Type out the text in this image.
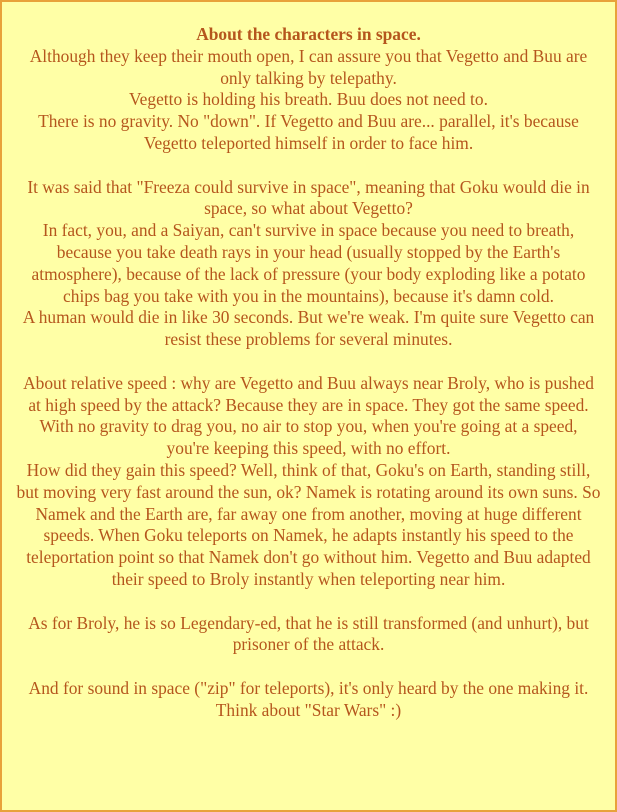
About the characters in space.

Although they keep their mouth open, I can assure you that Vegetto and Buu are only talking by telepathy.

Vegetto is holding his breath. Buu does not need to.

There is no gravity. No "down". If Vegetto and Buu are... parallel, it's because Vegetto teleported himself in order to face him.

It was said that "Freeza could survive in space", meaning that Goku would die in space, so what about Vegetto?

In fact, you, and a Saiyan, can't survive in space because you need to breath, because you take death rays in your head (usually stopped by the Earth's atmosphere), because of the lack of pressure (your body exploding like a potato chips bag you take with you in the mountains), because it's damn cold.

A human would die in like 30 seconds. But we're weak. I'm quite sure Vegetto can resist these problems for several minutes.

About relative speed : why are Vegetto and Buu always near Broly, who is pushed at high speed by the attack? Because they are in space. They got the same speed.

With no gravity to drag you, no air to stop you, when you're going at a speed, you're keeping this speed, with no effort.

How did they gain this speed? Well, think of that, Goku's on Earth, standing still, but moving very fast around the sun, ok? Namek is rotating around its own suns. So Namek and the Earth are, far away one from another, moving at huge different speeds. When Goku teleports on Namek, he adapts instantly his speed to the teleportation point so that Namek don't go without him. Vegetto and Buu adapted their speed to Broly instantly when teleporting near him.

As for Broly, he is so Legendary-ed, that he is still transformed (and unhurt), but prisoner of the attack.

And for sound in space ("zip" for teleports), it's only heard by the one making it. Think about "Star Wars" :)
